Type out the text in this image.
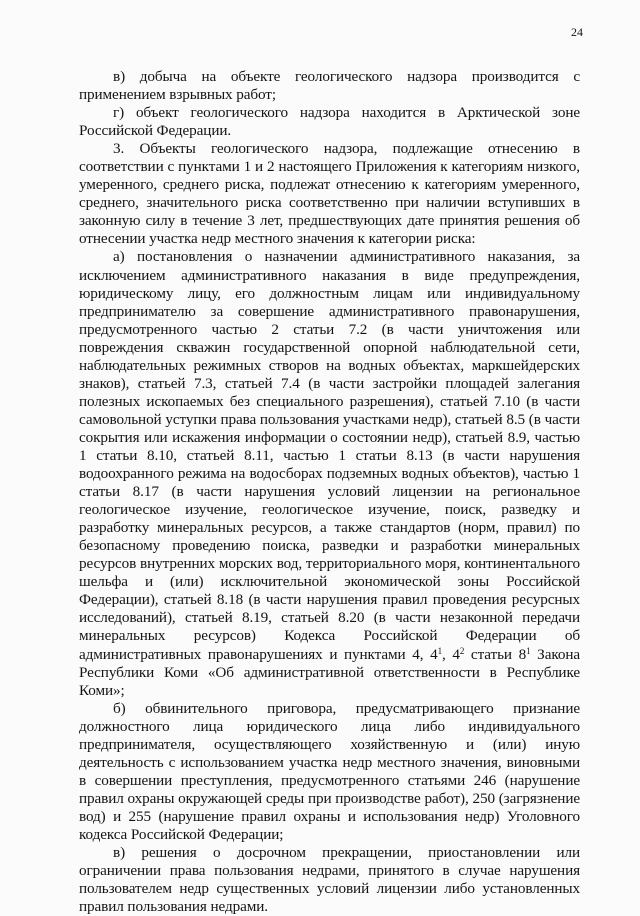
24

в) добыча на объекте геологического надзора производится с применением взрывных работ;

г) объект геологического надзора находится в Арктической зоне Российской Федерации.

3. Объекты геологического надзора, подлежащие отнесению в соответствии с пунктами 1 и 2 настоящего Приложения к категориям низкого, умеренного, среднего риска, подлежат отнесению к категориям умеренного, среднего, значительного риска соответственно при наличии вступивших в законную силу в течение 3 лет, предшествующих дате принятия решения об отнесении участка недр местного значения к категории риска:

а) постановления о назначении административного наказания, за исключением административного наказания в виде предупреждения, юридическому лицу, его должностным лицам или индивидуальному предпринимателю за совершение административного правонарушения, предусмотренного частью 2 статьи 7.2 (в части уничтожения или повреждения скважин государственной опорной наблюдательной сети, наблюдательных режимных створов на водных объектах, маркшейдерских знаков), статьей 7.3, статьей 7.4 (в части застройки площадей залегания полезных ископаемых без специального разрешения), статьей 7.10 (в части самовольной уступки права пользования участками недр), статьей 8.5 (в части сокрытия или искажения информации о состоянии недр), статьей 8.9, частью 1 статьи 8.10, статьей 8.11, частью 1 статьи 8.13 (в части нарушения водоохранного режима на водосборах подземных водных объектов), частью 1 статьи 8.17 (в части нарушения условий лицензии на региональное геологическое изучение, геологическое изучение, поиск, разведку и разработку минеральных ресурсов, а также стандартов (норм, правил) по безопасному проведению поиска, разведки и разработки минеральных ресурсов внутренних морских вод, территориального моря, континентального шельфа и (или) исключительной экономической зоны Российской Федерации), статьей 8.18 (в части нарушения правил проведения ресурсных исследований), статьей 8.19, статьей 8.20 (в части незаконной передачи минеральных ресурсов) Кодекса Российской Федерации об административных правонарушениях и пунктами 4, $4^1$, $4^2$ статьи $8^1$ Закона Республики Коми «Об административной ответственности в Республике Коми»;

б) обвинительного приговора, предусматривающего признание должностного лица юридического лица либо индивидуального предпринимателя, осуществляющего хозяйственную и (или) иную деятельность с использованием участка недр местного значения, виновными в совершении преступления, предусмотренного статьями 246 (нарушение правил охраны окружающей среды при производстве работ), 250 (загрязнение вод) и 255 (нарушение правил охраны и использования недр) Уголовного кодекса Российской Федерации;

в) решения о досрочном прекращении, приостановлении или ограничении права пользования недрами, принятого в случае нарушения пользователем недр существенных условий лицензии либо установленных правил пользования недрами.
